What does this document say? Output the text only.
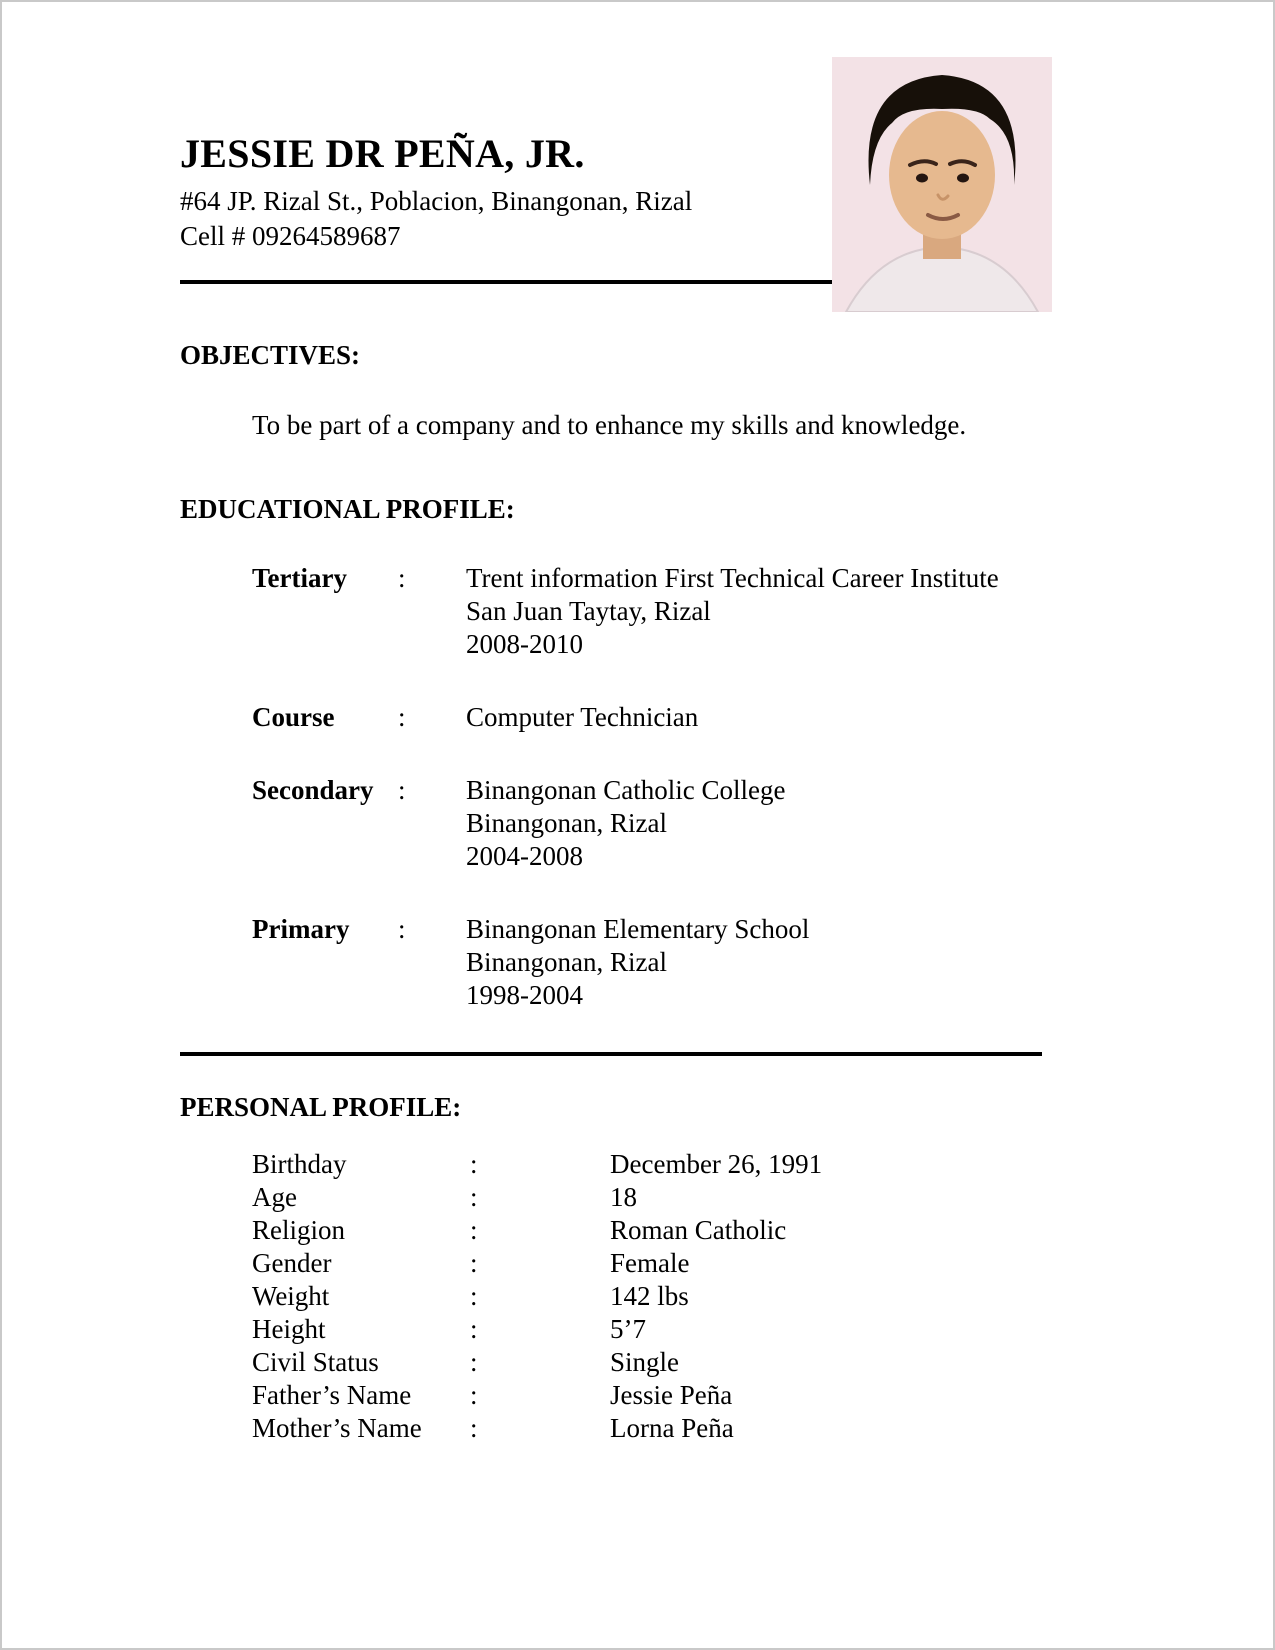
JESSIE DR PEÑA, JR.
#64 JP. Rizal St., Poblacion, Binangonan, Rizal
Cell # 09264589687
OBJECTIVES:

To be part of a company and to enhance my skills and knowledge.

EDUCATIONAL PROFILE:
Tertiary	:	Trent information First Technical Career Institute
San Juan Taytay, Rizal
2008-2010
Course	:	Computer Technician
Secondary :	Binangonan Catholic College
Binangonan, Rizal
2004-2008
Primary	:	Binangonan Elementary School
Binangonan, Rizal
1998-2004
PERSONAL PROFILE:
Birthday	:	December 26, 1991
Age	:	18
Religion	:	Roman Catholic
Gender	:	Female
Weight	:	142 lbs
Height	:	5’7
Civil Status	:	Single
Father’s Name	:	Jessie Peña
Mother’s Name	:	Lorna Peña
